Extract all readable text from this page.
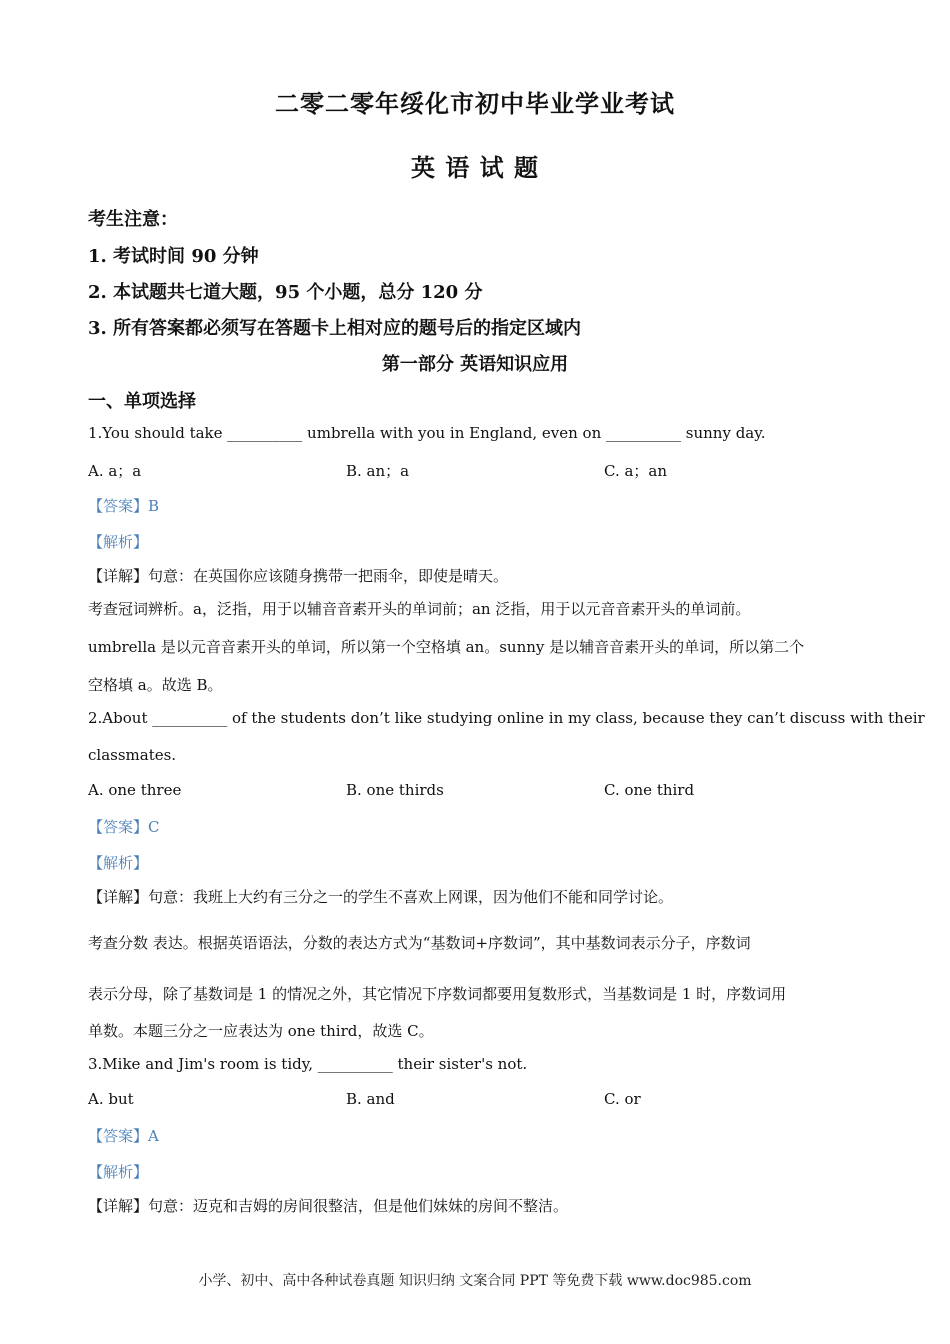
二零二零年绥化市初中毕业学业考试
英 语 试 题
考生注意：
1. 考试时间 90 分钟
2. 本试题共七道大题，95 个小题，总分 120 分
3. 所有答案都必须写在答题卡上相对应的题号后的指定区域内
第一部分 英语知识应用
一、单项选择
1.You should take __________ umbrella with you in England, even on __________ sunny day.
A. a；a	B. an；a	C. a；an
【答案】B
【解析】
【详解】句意：在英国你应该随身携带一把雨伞，即使是晴天。
考查冠词辨析。a，泛指，用于以辅音音素开头的单词前；an 泛指，用于以元音音素开头的单词前。
umbrella 是以元音音素开头的单词，所以第一个空格填 an。sunny 是以辅音音素开头的单词，所以第二个
空格填 a。故选 B。
2.About __________ of the students don’t like studying online in my class, because they can’t discuss with their
classmates.
A. one three	B. one thirds	C. one third
【答案】C
【解析】
【详解】句意：我班上大约有三分之一的学生不喜欢上网课，因为他们不能和同学讨论。
考查分数 表达。根据英语语法，分数的表达方式为“基数词+序数词”，其中基数词表示分子，序数词
表示分母，除了基数词是 1 的情况之外，其它情况下序数词都要用复数形式，当基数词是 1 时，序数词用
单数。本题三分之一应表达为 one third，故选 C。
3.Mike and Jim's room is tidy, __________ their sister's not.
A. but	B. and	C. or
【答案】A
【解析】
【详解】句意：迈克和吉姆的房间很整洁，但是他们妹妹的房间不整洁。
小学、初中、高中各种试卷真题 知识归纳 文案合同 PPT 等免费下载 www.doc985.com
